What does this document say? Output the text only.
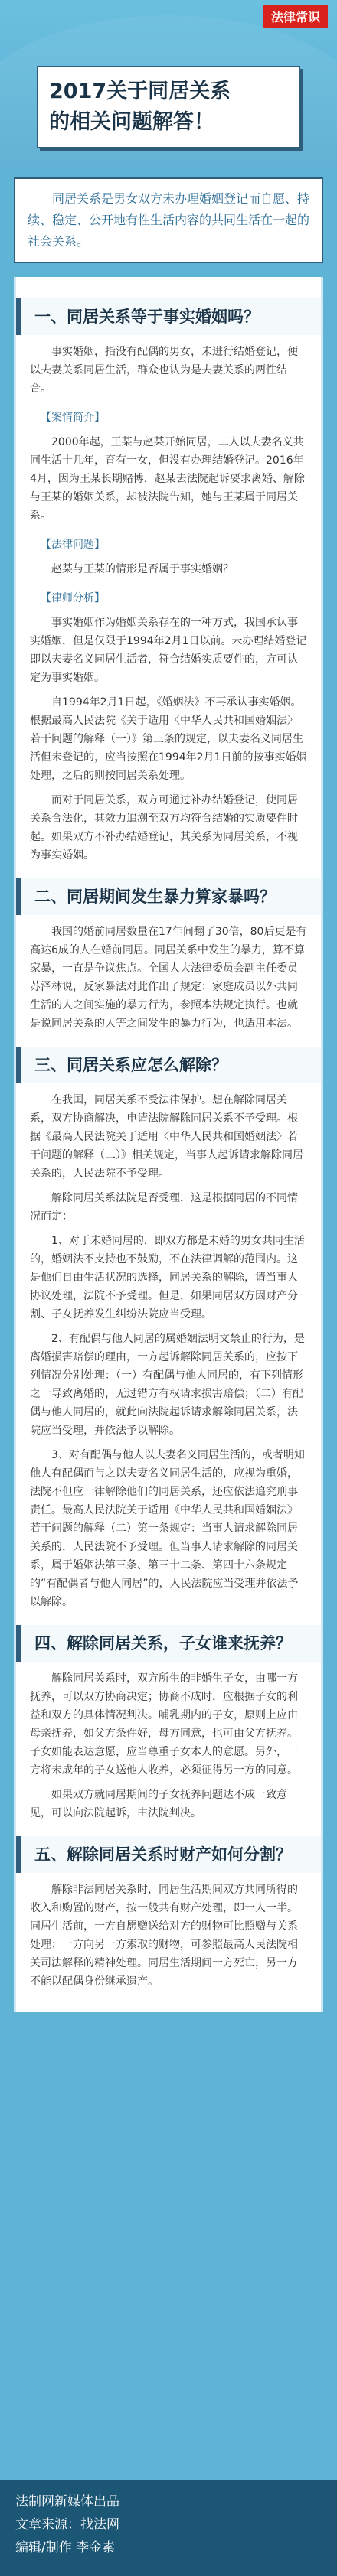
法律常识
2017关于同居关系
的相关问题解答！
同居关系是男女双方未办理婚姻登记而自愿、持续、稳定、公开地有性生活内容的共同生活在一起的社会关系。
一、同居关系等于事实婚姻吗？
事实婚姻，指没有配偶的男女，未进行结婚登记，便以夫妻关系同居生活，群众也认为是夫妻关系的两性结合。
【案情简介】
2000年起，王某与赵某开始同居，二人以夫妻名义共同生活十几年，育有一女，但没有办理结婚登记。2016年4月，因为王某长期赌博，赵某去法院起诉要求离婚、解除与王某的婚姻关系，却被法院告知，她与王某属于同居关系。
【法律问题】
赵某与王某的情形是否属于事实婚姻？
【律师分析】
事实婚姻作为婚姻关系存在的一种方式，我国承认事实婚姻，但是仅限于1994年2月1日以前。未办理结婚登记即以夫妻名义同居生活者，符合结婚实质要件的，方可认定为事实婚姻。
自1994年2月1日起，《婚姻法》不再承认事实婚姻。根据最高人民法院《关于适用〈中华人民共和国婚姻法〉若干问题的解释（一）》第三条的规定，以夫妻名义同居生活但未登记的，应当按照在1994年2月1日前的按事实婚姻处理，之后的则按同居关系处理。
而对于同居关系，双方可通过补办结婚登记，使同居关系合法化，其效力追溯至双方均符合结婚的实质要件时起。如果双方不补办结婚登记，其关系为同居关系，不视为事实婚姻。
二、同居期间发生暴力算家暴吗？
我国的婚前同居数量在17年间翻了30倍，80后更是有高达6成的人在婚前同居。同居关系中发生的暴力，算不算家暴，一直是争议焦点。全国人大法律委员会副主任委员苏泽林说，反家暴法对此作出了规定：家庭成员以外共同生活的人之间实施的暴力行为，参照本法规定执行。也就是说同居关系的人等之间发生的暴力行为，也适用本法。
三、同居关系应怎么解除？
在我国，同居关系不受法律保护。想在解除同居关系，双方协商解决，申请法院解除同居关系不予受理。根据《最高人民法院关于适用〈中华人民共和国婚姻法〉若干问题的解释（二）》相关规定，当事人起诉请求解除同居关系的，人民法院不予受理。
解除同居关系法院是否受理，这是根据同居的不同情况而定：
1、对于未婚同居的，即双方都是未婚的男女共同生活的，婚姻法不支持也不鼓励，不在法律调解的范围内。这是他们自由生活状况的选择，同居关系的解除，请当事人协议处理，法院不予受理。但是，如果同居双方因财产分割、子女抚养发生纠纷法院应当受理。
2、有配偶与他人同居的属婚姻法明文禁止的行为，是离婚损害赔偿的理由，一方起诉解除同居关系的，应按下列情况分别处理：（一）有配偶与他人同居的，有下列情形之一导致离婚的，无过错方有权请求损害赔偿；（二）有配偶与他人同居的，就此向法院起诉请求解除同居关系，法院应当受理，并依法予以解除。
3、对有配偶与他人以夫妻名义同居生活的，或者明知他人有配偶而与之以夫妻名义同居生活的，应视为重婚，法院不但应一律解除他们的同居关系，还应依法追究刑事责任。最高人民法院关于适用《中华人民共和国婚姻法》若干问题的解释（二）第一条规定：当事人请求解除同居关系的，人民法院不予受理。但当事人请求解除的同居关系，属于婚姻法第三条、第三十二条、第四十六条规定的“有配偶者与他人同居”的，人民法院应当受理并依法予以解除。
四、解除同居关系，子女谁来抚养？
解除同居关系时，双方所生的非婚生子女，由哪一方抚养，可以双方协商决定；协商不成时，应根据子女的利益和双方的具体情况判决。哺乳期内的子女，原则上应由母亲抚养，如父方条件好，母方同意，也可由父方抚养。子女如能表达意愿，应当尊重子女本人的意愿。另外，一方将未成年的子女送他人收养，必须征得另一方的同意。
如果双方就同居期间的子女抚养问题达不成一致意见，可以向法院起诉，由法院判决。
五、解除同居关系时财产如何分割？
解除非法同居关系时，同居生活期间双方共同所得的收入和购置的财产，按一般共有财产处理，即一人一半。同居生活前，一方自愿赠送给对方的财物可比照赠与关系处理；一方向另一方索取的财物，可参照最高人民法院相关司法解释的精神处理。同居生活期间一方死亡，另一方不能以配偶身份继承遗产。
法制网新媒体出品
文章来源：找法网
编辑/制作 李金素
